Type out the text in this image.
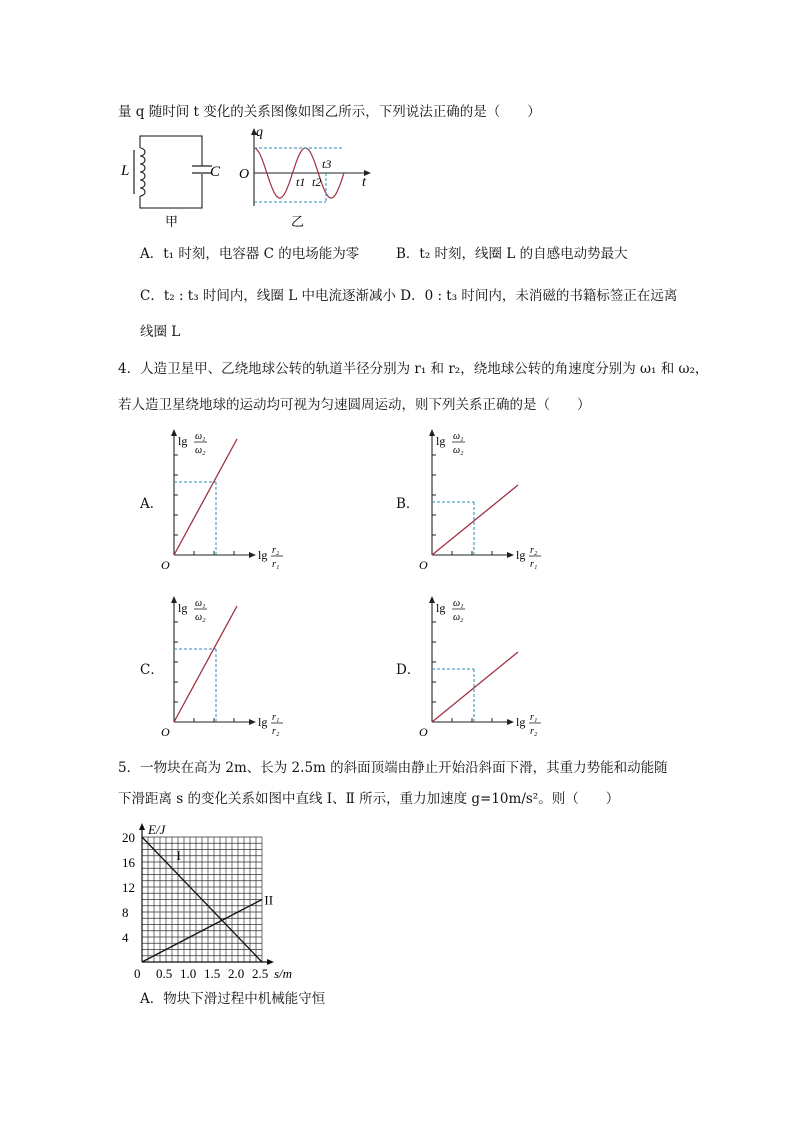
量 q 随时间 t 变化的关系图像如图乙所示，下列说法正确的是（　　）
L	C
甲
q
O
t
t1 t2
t3
乙
A．t₁ 时刻，电容器 C 的电场能为零	B．t₂ 时刻，线圈 L 的自感电动势最大
C．t₂ : t₃ 时间内，线圈 L 中电流逐渐减小 D．0 : t₃ 时间内，未消磁的书籍标签正在远离
线圈 L
4．人造卫星甲、乙绕地球公转的轨道半径分别为 r₁ 和 r₂，绕地球公转的角速度分别为 ω₁ 和 ω₂，
若人造卫星绕地球的运动均可视为匀速圆周运动，则下列关系正确的是（　　）
A．	B．
C．	D．
O
lg ω₁
ω₂
lg r₂
r₁	O
lg ω₁
ω₂
lg r₂
r₁
O
lg ω₁
ω₂
lg r₁
r₂	O
lg ω₁
ω₂
lg r₁
r₂
5．一物块在高为 2m、长为 2.5m 的斜面顶端由静止开始沿斜面下滑，其重力势能和动能随
下滑距离 s 的变化关系如图中直线 Ⅰ、Ⅱ 所示，重力加速度 g=10m/s²。则（　　）
I
II
4
8
12
16
20
0 0.5 1.0 1.5 2.0 2.5
E/J
s/m
A．物块下滑过程中机械能守恒
